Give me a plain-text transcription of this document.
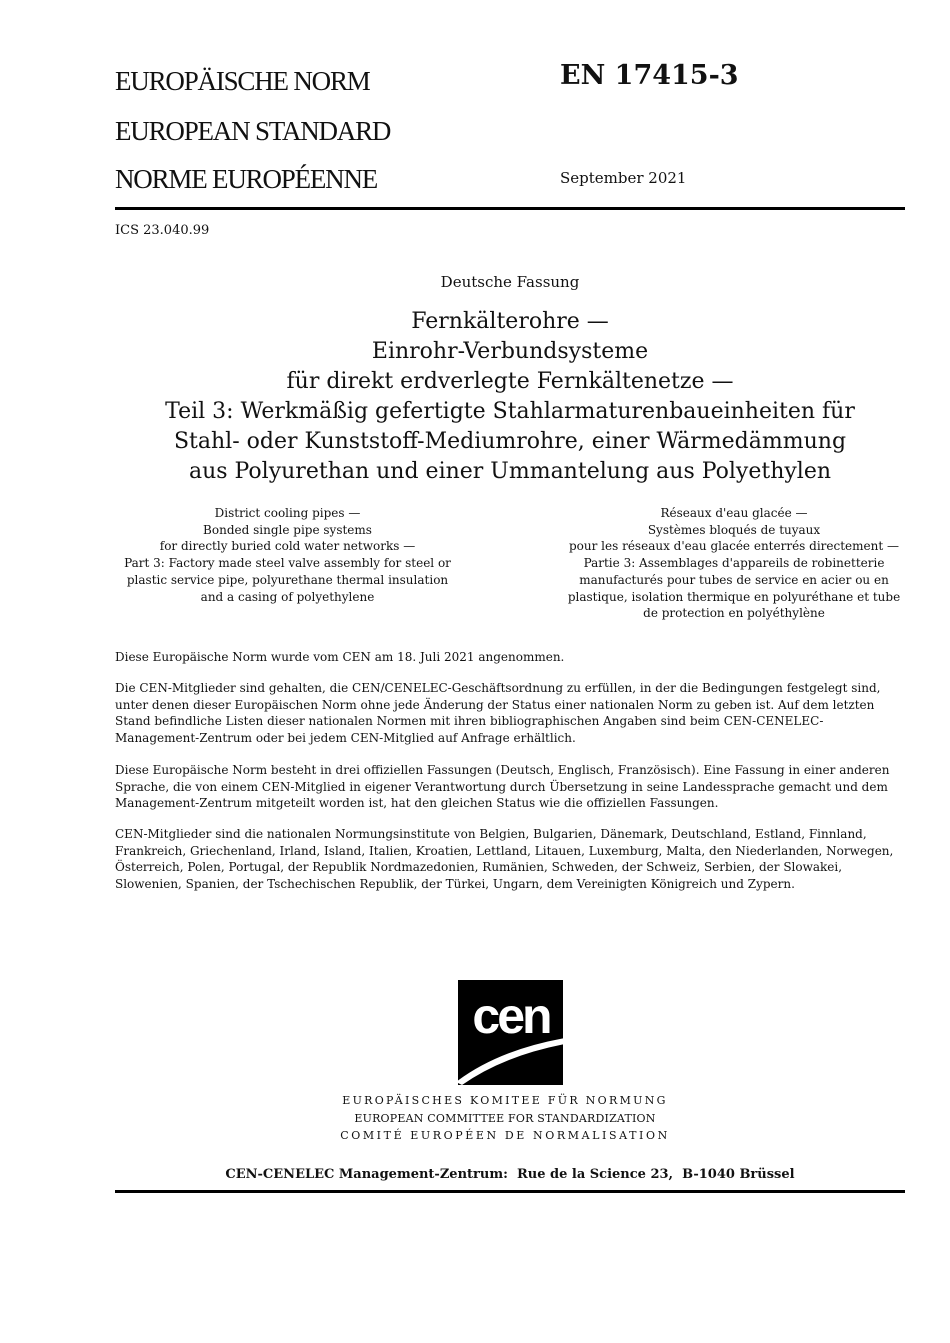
EUROPÄISCHE NORM
EUROPEAN STANDARD
NORME EUROPÉENNE
EN 17415-3
September 2021
ICS 23.040.99
Deutsche Fassung
Fernkälterohre —
Einrohr-Verbundsysteme
für direkt erdverlegte Fernkältenetze —
Teil 3: Werkmäßig gefertigte Stahlarmaturenbaueinheiten für
Stahl- oder Kunststoff-Mediumrohre, einer Wärmedämmung
aus Polyurethan und einer Ummantelung aus Polyethylen
District cooling pipes —
Bonded single pipe systems
for directly buried cold water networks —
Part 3: Factory made steel valve assembly for steel or
plastic service pipe, polyurethane thermal insulation
and a casing of polyethylene
Réseaux d'eau glacée —
Systèmes bloqués de tuyaux
pour les réseaux d'eau glacée enterrés directement —
Partie 3: Assemblages d'appareils de robinetterie
manufacturés pour tubes de service en acier ou en
plastique, isolation thermique en polyuréthane et tube
de protection en polyéthylène

Diese Europäische Norm wurde vom CEN am 18. Juli 2021 angenommen.

Die CEN-Mitglieder sind gehalten, die CEN/CENELEC-Geschäftsordnung zu erfüllen, in der die Bedingungen festgelegt sind, unter denen dieser Europäischen Norm ohne jede Änderung der Status einer nationalen Norm zu geben ist. Auf dem letzten Stand befindliche Listen dieser nationalen Normen mit ihren bibliographischen Angaben sind beim CEN-CENELEC-Management-Zentrum oder bei jedem CEN-Mitglied auf Anfrage erhältlich.

Diese Europäische Norm besteht in drei offiziellen Fassungen (Deutsch, Englisch, Französisch). Eine Fassung in einer anderen Sprache, die von einem CEN-Mitglied in eigener Verantwortung durch Übersetzung in seine Landessprache gemacht und dem Management-Zentrum mitgeteilt worden ist, hat den gleichen Status wie die offiziellen Fassungen.

CEN-Mitglieder sind die nationalen Normungsinstitute von Belgien, Bulgarien, Dänemark, Deutschland, Estland, Finnland, Frankreich, Griechenland, Irland, Island, Italien, Kroatien, Lettland, Litauen, Luxemburg, Malta, den Niederlanden, Norwegen, Österreich, Polen, Portugal, der Republik Nordmazedonien, Rumänien, Schweden, der Schweiz, Serbien, der Slowakei, Slowenien, Spanien, der Tschechischen Republik, der Türkei, Ungarn, dem Vereinigten Königreich und Zypern.

cen
EUROPÄISCHES KOMITEE FÜR NORMUNG
EUROPEAN COMMITTEE FOR STANDARDIZATION
COMITÉ EUROPÉEN DE NORMALISATION
CEN-CENELEC Management-Zentrum:  Rue de la Science 23,  B-1040 Brüssel
